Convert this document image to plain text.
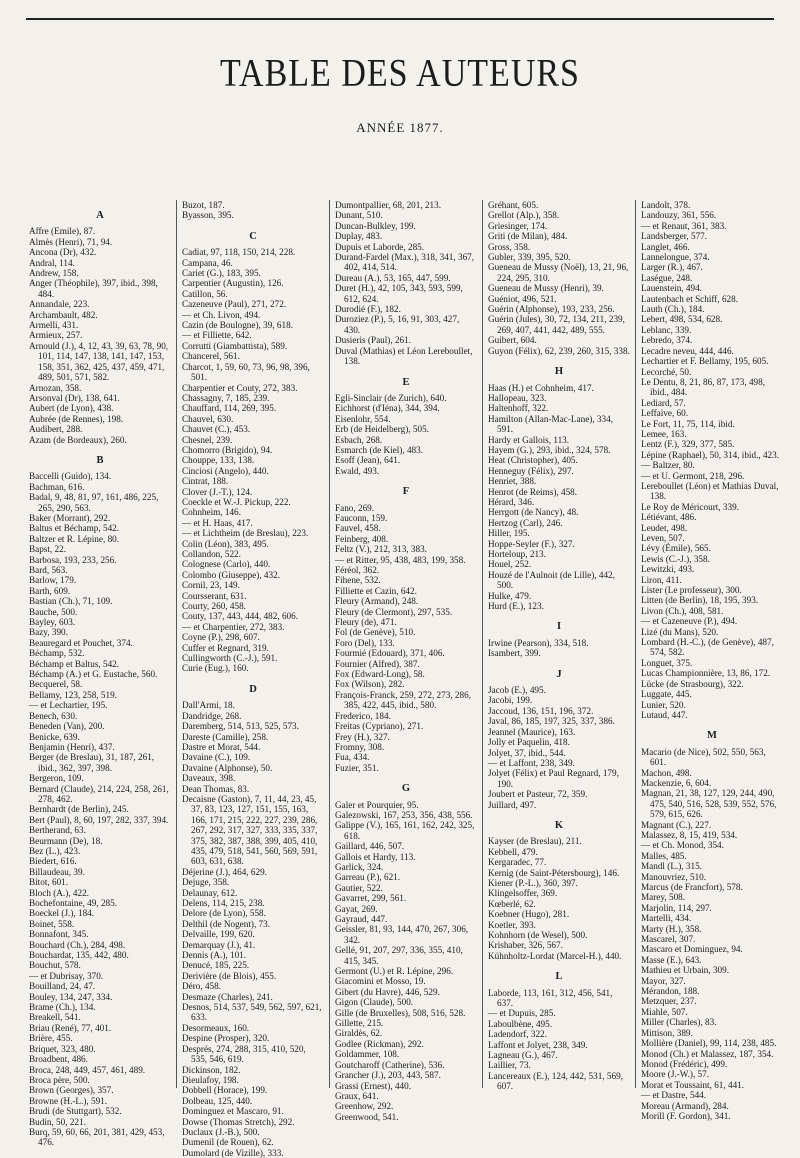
TABLE DES AUTEURS
ANNÉE 1877.
A
Affre (Emile), 87.
Almès (Henri), 71, 94.
Ancona (Dr), 432.
Andral, 114.
Andrew, 158.
Anger (Théophile), 397, ibid., 398, 484.
Annandale, 223.
Archambault, 482.
Armelli, 431.
Armieux, 257.
Arnould (J.), 4, 12, 43, 39, 63, 78, 90, 101, 114, 147, 138, 141, 147, 153, 158, 351, 362, 425, 437, 459, 471, 489, 501, 571, 582.
Arnozan, 358.
Arsonval (Dr), 138, 641.
Aubert (de Lyon), 438.
Aubrée (de Rennes), 198.
Audibert, 288.
Azam (de Bordeaux), 260.
B
Baccelli (Guido), 134.
Bachman, 616.
Badal, 9, 48, 81, 97, 161, 486, 225, 265, 290, 563.
Baker (Morrant), 292.
Baltus et Béchamp, 542.
Baltzer et R. Lépine, 80.
Bapst, 22.
Barbosa, 193, 233, 256.
Bard, 563.
Barlow, 179.
Barth, 609.
Bastian (Ch.), 71, 109.
Bauche, 500.
Bayley, 603.
Bazy, 390.
Beauregard et Pouchet, 374.
Béchamp, 532.
Béchamp et Baltus, 542.
Béchamp (A.) et G. Eustache, 560.
Becquerel, 58.
Bellamy, 123, 258, 519.
— et Lechartier, 195.
Benech, 630.
Beneden (Van), 200.
Benicke, 639.
Benjamin (Henri), 437.
Berger (de Breslau), 31, 187, 261, ibid., 362, 397, 398.
Bergeron, 109.
Bernard (Claude), 214, 224, 258, 261, 278, 462.
Bernhardt (de Berlin), 245.
Bert (Paul), 8, 60, 197, 282, 337, 394.
Bertherand, 63.
Beurmann (De), 18.
Bez (L.), 423.
Biedert, 616.
Billaudeau, 39.
Bitot, 601.
Bloch (A.), 422.
Bochefontaine, 49, 285.
Boeckel (J.), 184.
Boinet, 558.
Bonnafont, 345.
Bouchard (Ch.), 284, 498.
Bouchardat, 135, 442, 480.
Bouchut, 578.
— et Dubrisay, 370.
Bouilland, 24, 47.
Bouley, 134, 247, 334.
Brame (Ch.), 134.
Breakell, 541.
Briau (René), 77, 401.
Brière, 455.
Briquet, 323, 480.
Broadbent, 486.
Broca, 248, 449, 457, 461, 489.
Broca père, 500.
Brown (Georges), 357.
Browne (H.-L.), 591.
Brudi (de Stuttgart), 532.
Budin, 50, 221.
Burq, 59, 60, 66, 201, 381, 429, 453, 476.
Buzot, 187.
Byasson, 395.
C
Cadiat, 97, 118, 150, 214, 228.
Campana, 46.
Cariet (G.), 183, 395.
Carpentier (Augustin), 126.
Catillon, 56.
Cazeneuve (Paul), 271, 272.
— et Ch. Livon, 494.
Cazin (de Boulogne), 39, 618.
— et Filliette, 642.
Corrutti (Giambattista), 589.
Chancerel, 561.
Charcot, 1, 59, 60, 73, 96, 98, 396, 501.
Charpentier et Couty, 272, 383.
Chassagny, 7, 185, 239.
Chauffard, 114, 269, 395.
Chauvel, 630.
Chauvet (C.), 453.
Chesnel, 239.
Chomorro (Brigido), 94.
Chouppe, 133, 138.
Cinciosi (Angelo), 440.
Cintrat, 188.
Clover (J.-T.), 124.
Coeckle et W.-J. Pickup, 222.
Cohnheim, 146.
— et H. Haas, 417.
— et Lichtheim (de Breslau), 223.
Colin (Léon), 383, 495.
Collandon, 522.
Colognese (Carlo), 440.
Colombo (Giuseppe), 432.
Cornil, 23, 149.
Coursserant, 631.
Courty, 260, 458.
Couty, 137, 443, 444, 482, 606.
— et Charpentier, 272, 383.
Coyne (P.), 298, 607.
Cuffer et Regnard, 319.
Cullingworth (C.-J.), 591.
Curie (Eug.), 160.
D
Dall'Armi, 18.
Dandridge, 268.
Daremberg, 514, 513, 525, 573.
Dareste (Camille), 258.
Dastre et Morat, 544.
Davaine (C.), 109.
Davaine (Alphonse), 50.
Daveaux, 398.
Dean Thomas, 83.
Decaisne (Gaston), 7, 11, 44, 23, 45, 37, 83, 123, 127, 151, 155, 163, 166, 171, 215, 222, 227, 239, 286, 267, 292, 317, 327, 333, 335, 337, 375, 382, 387, 388, 399, 405, 410, 435, 479, 518, 541, 560, 569, 591, 603, 631, 638.
Déjerine (J.), 464, 629.
Dejuge, 358.
Delaunay, 612.
Delens, 114, 215, 238.
Delore (de Lyon), 558.
Delthil (de Nogent), 73.
Delvaille, 199, 620.
Demarquay (J.), 41.
Dennis (A.), 101.
Denucé, 185, 225.
Derivière (de Blois), 455.
Déro, 458.
Desmaze (Charles), 241.
Desnos, 514, 537, 549, 562, 597, 621, 633.
Desormeaux, 160.
Despine (Prosper), 320.
Després, 274, 288, 315, 410, 520, 535, 546, 619.
Dickinson, 182.
Dieulafoy, 198.
Dobbell (Horace), 199.
Dolbeau, 125, 440.
Dominguez et Mascaro, 91.
Dowse (Thomas Stretch), 292.
Duclaux (J.-B.), 500.
Dumenil (de Rouen), 62.
Dumolard (de Vizille), 333.
Dumontpallier, 68, 201, 213.
Dunant, 510.
Duncan-Bulkley, 199.
Duplay, 483.
Dupuis et Laborde, 285.
Durand-Fardel (Max.), 318, 341, 367, 402, 414, 514.
Dureau (A.), 53, 165, 447, 599.
Duret (H.), 42, 105, 343, 593, 599, 612, 624.
Durodié (F.), 182.
Duroziez (P.), 5, 16, 91, 303, 427, 430.
Dusieris (Paul), 261.
Duval (Mathias) et Léon Lereboullet, 138.
E
Egli-Sinclair (de Zurich), 640.
Eichhorst (d'Iéna), 344, 394.
Eisenlohr, 554.
Erb (de Heidelberg), 505.
Esbach, 268.
Esmarch (de Kiel), 483.
Esoff (Jean), 641.
Ewald, 493.
F
Fano, 269.
Fauconn, 159.
Fauvel, 458.
Feinberg, 408.
Feltz (V.), 212, 313, 383.
— et Ritter, 95, 438, 483, 199, 358.
Féréol, 362.
Fihene, 532.
Filliette et Cazin, 642.
Fleury (Armand), 248.
Fleury (de Clermont), 297, 535.
Fleury (de), 471.
Fol (de Genève), 510.
Foro (Del), 133.
Fourmié (Edouard), 371, 406.
Fournier (Alfred), 387.
Fox (Edward-Long), 58.
Fox (Wilson), 282.
François-Franck, 259, 272, 273, 286, 385, 422, 445, ibid., 580.
Frederico, 184.
Freitas (Cypriano), 271.
Frey (H.), 327.
Fromny, 308.
Fua, 434.
Fuzier, 351.
G
Galer et Pourquier, 95.
Galezowski, 167, 253, 356, 438, 556.
Galippe (V.), 165, 161, 162, 242, 325, 618.
Gaillard, 446, 507.
Gallois et Hardy, 113.
Garlick, 324.
Garreau (P.), 621.
Gautier, 522.
Gavarret, 299, 561.
Gayat, 269.
Gayraud, 447.
Geissler, 81, 93, 144, 470, 267, 306, 342.
Gellé, 91, 207, 297, 336, 355, 410, 415, 345.
Germont (U.) et R. Lépine, 296.
Giacomini et Mosso, 19.
Gibert (du Havre), 446, 529.
Gigon (Claude), 500.
Gille (de Bruxelles), 508, 516, 528.
Gillette, 215.
Giraldès, 62.
Godlee (Rickman), 292.
Goldammer, 108.
Goutcharoff (Catherine), 536.
Grancher (J.), 203, 443, 587.
Grassi (Ernest), 440.
Graux, 641.
Greenhow, 292.
Greenwood, 541.
Gréhant, 605.
Grellot (Alp.), 358.
Griesinger, 174.
Griti (de Milan), 484.
Gross, 358.
Gubler, 339, 395, 520.
Gueneau de Mussy (Noël), 13, 21, 96, 224, 295, 310.
Gueneau de Mussy (Henri), 39.
Guéniot, 496, 521.
Guérin (Alphonse), 193, 233, 256.
Guérin (Jules), 30, 72, 134, 211, 239, 269, 407, 441, 442, 489, 555.
Guibert, 604.
Guyon (Félix), 62, 239, 260, 315, 338.
H
Haas (H.) et Cohnheim, 417.
Hallopeau, 323.
Haltenhoff, 322.
Hamilton (Allan-Mac-Lane), 334, 591.
Hardy et Gallois, 113.
Hayem (G.), 293, ibid., 324, 578.
Heat (Christopher), 405.
Henneguy (Félix), 297.
Henriet, 388.
Henrot (de Reims), 458.
Hérard, 346.
Herrgott (de Nancy), 48.
Hertzog (Carl), 246.
Hiller, 195.
Hoppe-Seyler (F.), 327.
Horteloup, 213.
Houel, 252.
Houzé de l'Aulnoit (de Lille), 442, 500.
Hulke, 479.
Hurd (E.), 123.
I
Irwine (Pearson), 334, 518.
Isambert, 399.
J
Jacob (E.), 495.
Jacobi, 199.
Jaccoud, 136, 151, 196, 372.
Javal, 86, 185, 197, 325, 337, 386.
Jeannel (Maurice), 163.
Jolly et Paquelin, 418.
Jolyet, 37, ibid., 544.
— et Laffont, 238, 349.
Jolyet (Félix) et Paul Regnard, 179, 190.
Joubert et Pasteur, 72, 359.
Juillard, 497.
K
Kayser (de Breslau), 211.
Kebbell, 479.
Kergaradec, 77.
Kernig (de Saint-Pétersbourg), 146.
Kiener (P.-L.), 360, 397.
Klingelsoffer, 369.
Kœberlé, 62.
Koebner (Hugo), 281.
Koetler, 393.
Kohnhorn (de Wesel), 500.
Krishaber, 326, 567.
Kühnholtz-Lordat (Marcel-H.), 440.
L
Laborde, 113, 161, 312, 456, 541, 637.
— et Dupuis, 285.
Laboulbène, 495.
Ladendorf, 322.
Laffont et Jolyet, 238, 349.
Lagneau (G.), 467.
Laillier, 73.
Lancereaux (E.), 124, 442, 531, 569, 607.
Landolt, 378.
Landouzy, 361, 556.
— et Renaut, 361, 383.
Landsberger, 577.
Langlet, 466.
Lannelongue, 374.
Larger (R.), 467.
Laségue, 248.
Lauenstein, 494.
Lautenbach et Schiff, 628.
Lauth (Ch.), 184.
Lebert, 498, 534, 628.
Leblanc, 339.
Lebredo, 374.
Lecadre neveu, 444, 446.
Lechartier et F. Bellamy, 195, 605.
Lecorché, 50.
Le Dentu, 8, 21, 86, 87, 173, 498, ibid., 484.
Lediard, 57.
Leffaive, 60.
Le Fort, 11, 75, 114, ibid.
Lemee, 163.
Lentz (F.), 329, 377, 585.
Lépine (Raphael), 50, 314, ibid., 423.
— Baltzer, 80.
— et U. Germont, 218, 296.
Lereboullet (Léon) et Mathias Duval, 138.
Le Roy de Méricourt, 339.
Létiévant, 486.
Leudet, 498.
Leven, 507.
Lévy (Émile), 565.
Lewis (C.-J.), 358.
Lewitzki, 493.
Liron, 411.
Lister (Le professeur), 300.
Litten (de Berlin), 18, 195, 393.
Livon (Ch.), 408, 581.
— et Cazeneuve (P.), 494.
Lizé (du Mans), 520.
Lombard (H.-C.), (de Genève), 487, 574, 582.
Longuet, 375.
Lucas Championnière, 13, 86, 172.
Lücke (de Strasbourg), 322.
Luggate, 445.
Lunier, 520.
Lutaud, 447.
M
Macario (de Nice), 502, 550, 563, 601.
Machon, 498.
Mackenzie, 6, 604.
Magnan, 21, 38, 127, 129, 244, 490, 475, 540, 516, 528, 539, 552, 576, 579, 615, 626.
Magnant (C.), 227.
Malassez, 8, 15, 419, 534.
— et Ch. Monod, 354.
Malles, 485.
Mandl (L.), 315.
Manouvriez, 510.
Marcus (de Francfort), 578.
Marey, 508.
Marjolin, 114, 297.
Martelli, 434.
Marty (H.), 358.
Mascarel, 307.
Mascaro et Dominguez, 94.
Masse (E.), 643.
Mathieu et Urbain, 309.
Mayor, 327.
Mérandon, 188.
Metzquer, 237.
Miahle, 507.
Miller (Charles), 83.
Mittison, 389.
Mollière (Daniel), 99, 114, 238, 485.
Monod (Ch.) et Malassez, 187, 354.
Monod (Frédéric), 499.
Moore (J.-W.), 57.
Morat et Toussaint, 61, 441.
— et Dastre, 544.
Moreau (Armand), 284.
Morill (F. Gordon), 341.
